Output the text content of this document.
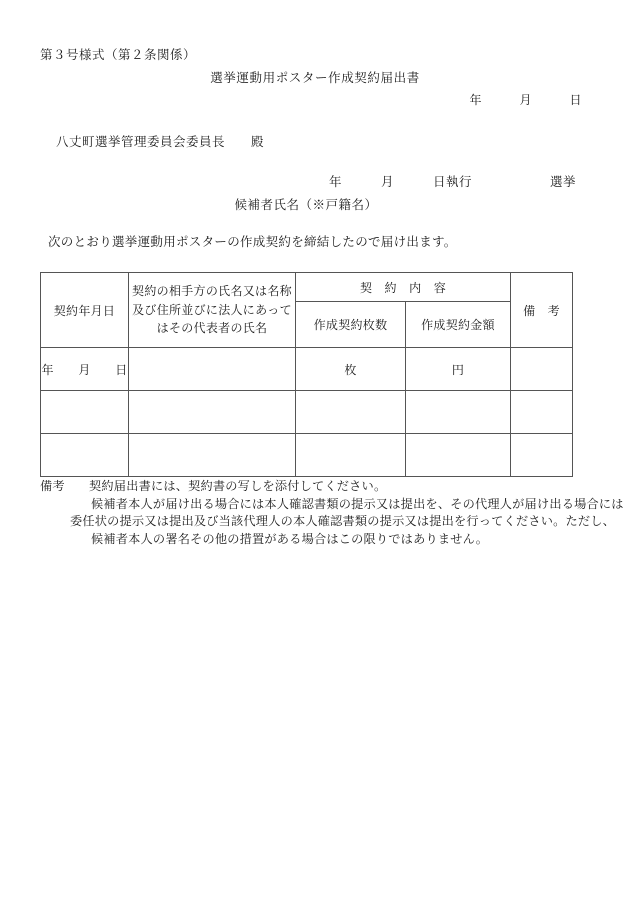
第３号様式（第２条関係）
選挙運動用ポスター作成契約届出書
年　　　月　　　日
八丈町選挙管理委員会委員長　　殿
年　　　月　　　日執行　　　　　　選挙
候補者氏名（※戸籍名）
次のとおり選挙運動用ポスターの作成契約を締結したので届け出ます。
契約年月日	契約の相手方の氏名又は名称及び住所並びに法人にあってはその代表者の氏名	契　約　内　容		備　考
		作成契約枚数	作成契約金額	
年　　月　　日		枚	円	

備考 契約届出書には、契約書の写しを添付してください。
候補者本人が届け出る場合には本人確認書類の提示又は提出を、その代理人が届け出る場合には
委任状の提示又は提出及び当該代理人の本人確認書類の提示又は提出を行ってください。ただし、
候補者本人の署名その他の措置がある場合はこの限りではありません。
